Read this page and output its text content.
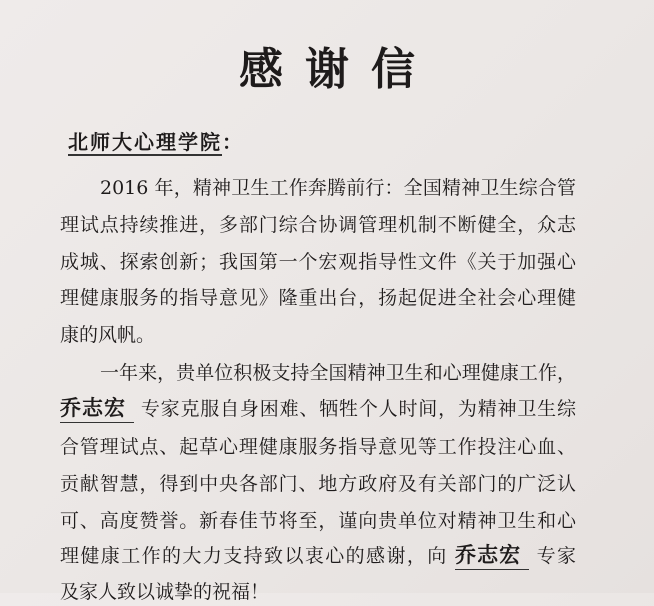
感谢信
北师大心理学院：
2016 年，精神卫生工作奔腾前行：全国精神卫生综合管
理试点持续推进，多部门综合协调管理机制不断健全，众志
成城、探索创新；我国第一个宏观指导性文件《关于加强心
理健康服务的指导意见》隆重出台，扬起促进全社会心理健
康的风帆。
一年来，贵单位积极支持全国精神卫生和心理健康工作，
乔志宏 专家克服自身困难、牺牲个人时间，为精神卫生综
合管理试点、起草心理健康服务指导意见等工作投注心血、
贡献智慧，得到中央各部门、地方政府及有关部门的广泛认
可、高度赞誉。新春佳节将至，谨向贵单位对精神卫生和心
理健康工作的大力支持致以衷心的感谢，向 乔志宏 专家
及家人致以诚挚的祝福！
